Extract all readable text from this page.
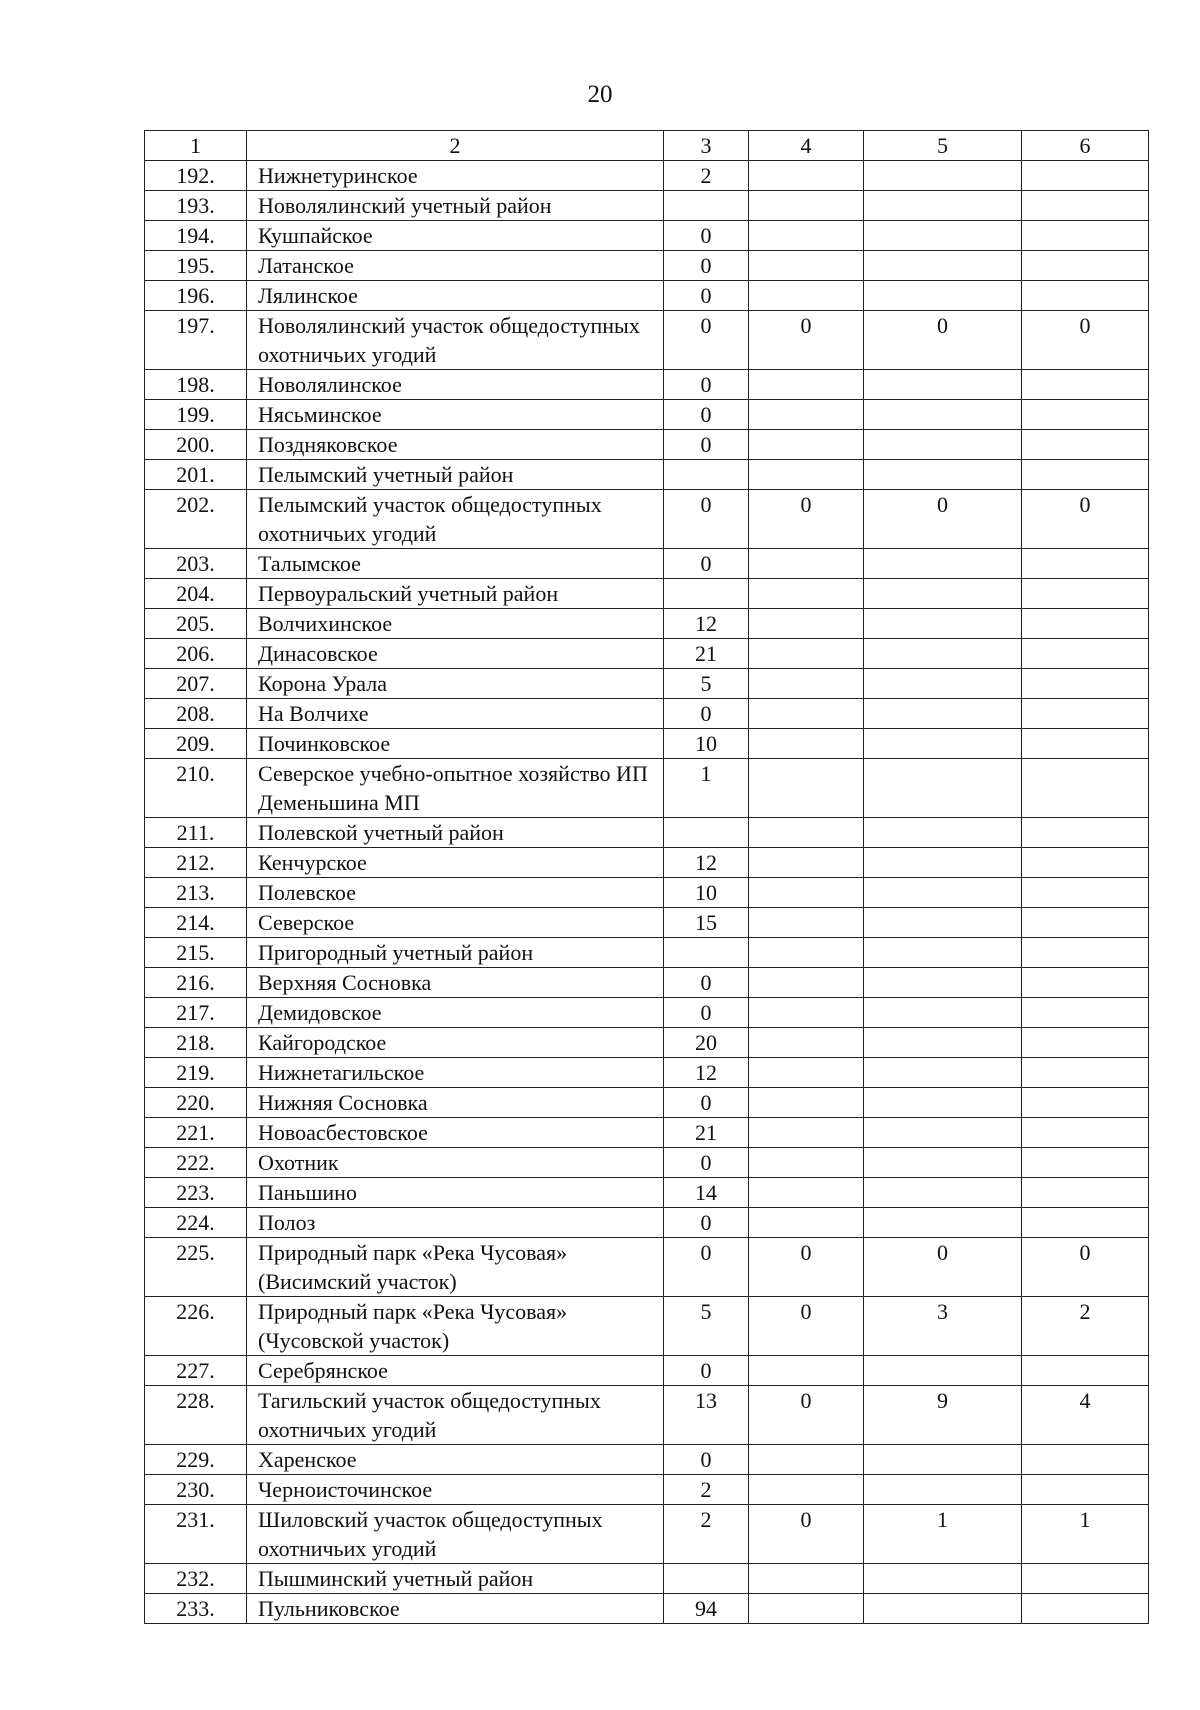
20
1	2	3	4	5	6
192.	Нижнетуринское	2			
193.	Новолялинский учетный район				
194.	Кушпайское	0			
195.	Латанское	0			
196.	Лялинское	0			
197.	Новолялинский участок общедоступных охотничьих угодий	0	0	0	0
198.	Новолялинское	0			
199.	Нясьминское	0			
200.	Поздняковское	0			
201.	Пелымский учетный район				
202.	Пелымский участок общедоступных охотничьих угодий	0	0	0	0
203.	Талымское	0			
204.	Первоуральский учетный район				
205.	Волчихинское	12			
206.	Динасовское	21			
207.	Корона Урала	5			
208.	На Волчихе	0			
209.	Починковское	10			
210.	Северское учебно-опытное хозяйство ИП Деменьшина МП	1			
211.	Полевской учетный район				
212.	Кенчурское	12			
213.	Полевское	10			
214.	Северское	15			
215.	Пригородный учетный район				
216.	Верхняя Сосновка	0			
217.	Демидовское	0			
218.	Кайгородское	20			
219.	Нижнетагильское	12			
220.	Нижняя Сосновка	0			
221.	Новоасбестовское	21			
222.	Охотник	0			
223.	Паньшино	14			
224.	Полоз	0			
225.	Природный парк «Река Чусовая» (Висимский участок)	0	0	0	0
226.	Природный парк «Река Чусовая» (Чусовской участок)	5	0	3	2
227.	Серебрянское	0			
228.	Тагильский участок общедоступных охотничьих угодий	13	0	9	4
229.	Харенское	0			
230.	Черноисточинское	2			
231.	Шиловский участок общедоступных охотничьих угодий	2	0	1	1
232.	Пышминский учетный район				
233.	Пульниковское	94			
